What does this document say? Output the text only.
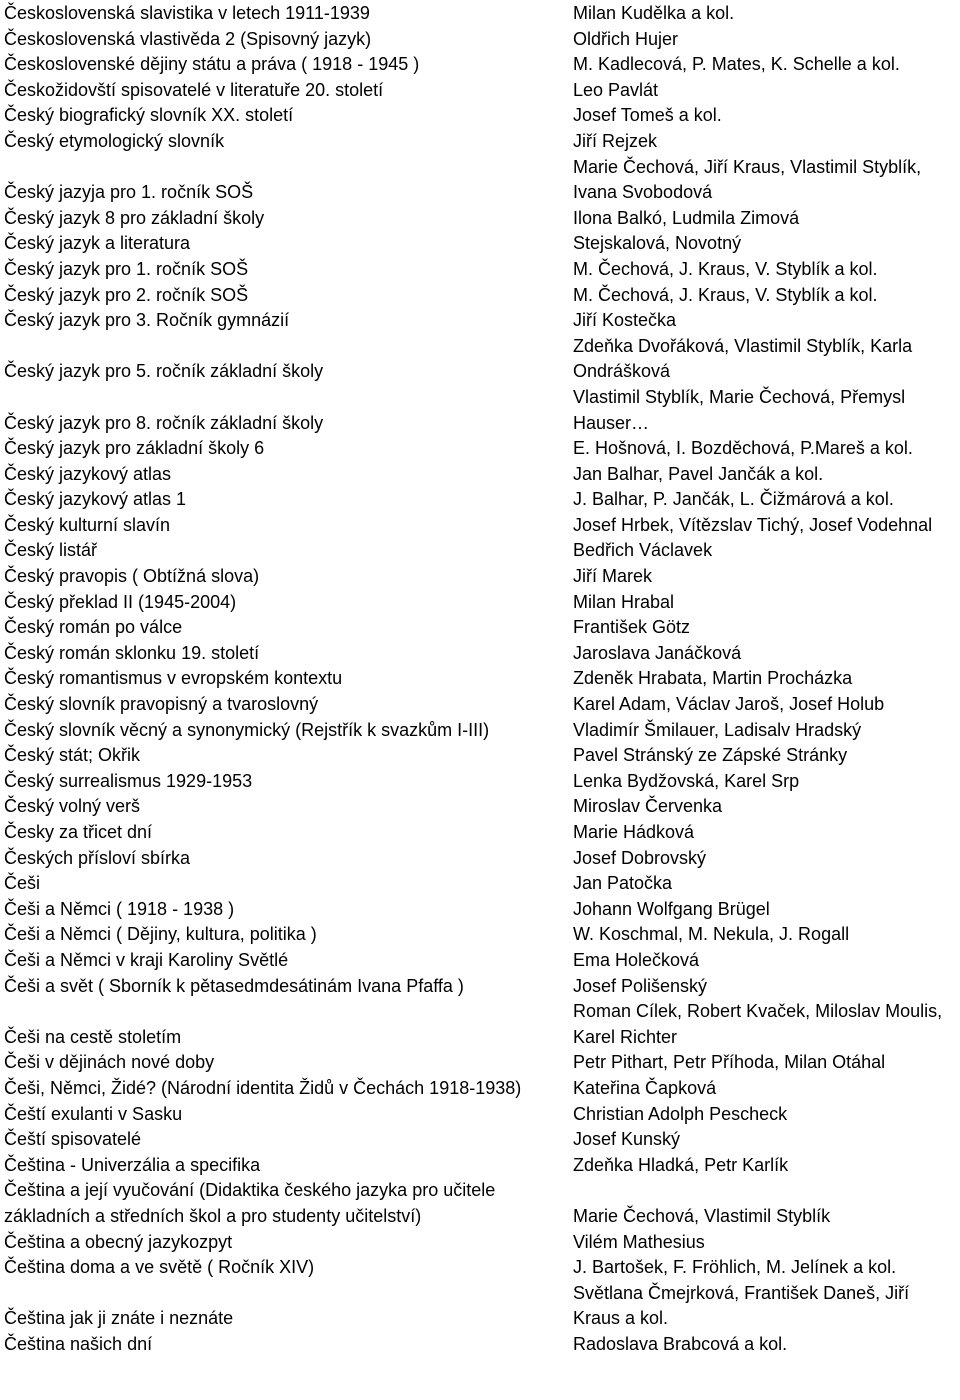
Československá slavistika v letech 1911-1939	Milan Kudělka a kol.
Československá vlastivěda 2 (Spisovný jazyk)	Oldřich Hujer
Československé dějiny státu a práva ( 1918 - 1945 )	M. Kadlecová, P. Mates, K. Schelle a kol.
Českožidovští spisovatelé v literatuře 20. století	Leo Pavlát
Český biografický slovník XX. století	Josef Tomeš a kol.
Český etymologický slovník	Jiří Rejzek
Český jazyja pro 1. ročník SOŠ	Marie Čechová, Jiří Kraus, Vlastimil Styblík, Ivana Svobodová
Český jazyk 8 pro základní školy	Ilona Balkó, Ludmila Zimová
Český jazyk a literatura	Stejskalová, Novotný
Český jazyk pro 1. ročník SOŠ	M. Čechová, J. Kraus, V. Styblík a kol.
Český jazyk pro 2. ročník SOŠ	M. Čechová, J. Kraus, V. Styblík a kol.
Český jazyk pro 3. Ročník gymnázií	Jiří Kostečka
Český jazyk pro 5. ročník základní školy	Zdeňka Dvořáková, Vlastimil Styblík, Karla Ondrášková
Český jazyk pro 8. ročník základní školy	Vlastimil Styblík, Marie Čechová, Přemysl Hauser…
Český jazyk pro základní školy 6	E. Hošnová, I. Bozděchová, P.Mareš a kol.
Český jazykový atlas	Jan Balhar, Pavel Jančák a kol.
Český jazykový atlas 1	J. Balhar, P. Jančák, L. Čižmárová a kol.
Český kulturní slavín	Josef Hrbek, Vítězslav Tichý, Josef Vodehnal
Český listář	Bedřich Václavek
Český pravopis ( Obtížná slova)	Jiří Marek
Český překlad II (1945-2004)	Milan Hrabal
Český román po válce	František Götz
Český román sklonku 19. století	Jaroslava Janáčková
Český romantismus v evropském kontextu	Zdeněk Hrabata, Martin Procházka
Český slovník pravopisný a tvaroslovný	Karel Adam, Václav Jaroš, Josef Holub
Český slovník věcný a synonymický (Rejstřík k svazkům I-III)	Vladimír Šmilauer, Ladisalv Hradský
Český stát; Okřik	Pavel Stránský ze Zápské Stránky
Český surrealismus 1929-1953	Lenka Bydžovská, Karel Srp
Český volný verš	Miroslav Červenka
Česky za třicet dní	Marie Hádková
Českých přísloví sbírka	Josef Dobrovský
Češi	Jan Patočka
Češi a Němci ( 1918 - 1938 )	Johann Wolfgang Brügel
Češi a Němci ( Dějiny, kultura, politika )	W. Koschmal, M. Nekula, J. Rogall
Češi a Němci v kraji Karoliny Světlé	Ema Holečková
Češi a svět ( Sborník k pětasedmdesátinám Ivana Pfaffa )	Josef Polišenský
Češi na cestě stoletím	Roman Cílek, Robert Kvaček, Miloslav Moulis, Karel Richter
Češi v dějinách nové doby	Petr Pithart, Petr Příhoda, Milan Otáhal
Češi, Němci, Židé? (Národní identita Židů v Čechách 1918-1938)	Kateřina Čapková
Čeští exulanti v Sasku	Christian Adolph Pescheck
Čeští spisovatelé	Josef Kunský
Čeština - Univerzália a specifika	Zdeňka Hladká, Petr Karlík
Čeština a její vyučování (Didaktika českého jazyka pro učitele základních a středních škol a pro studenty učitelství)	Marie Čechová, Vlastimil Styblík
Čeština a obecný jazykozpyt	Vilém Mathesius
Čeština doma a ve světě ( Ročník XIV)	J. Bartošek, F. Fröhlich, M. Jelínek a kol.
Čeština jak ji znáte i neznáte	Světlana Čmejrková, František Daneš, Jiří Kraus a kol.
Čeština našich dní	Radoslava Brabcová a kol.
